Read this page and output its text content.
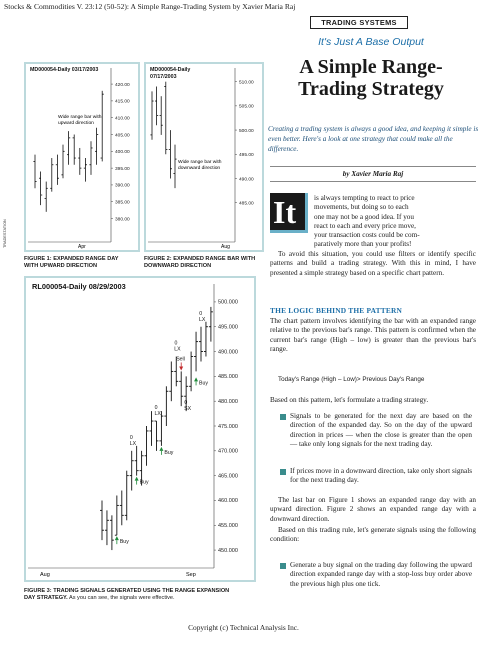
Stocks & Commodities V. 23:12 (50-52): A Simple Range-Trading System by Xavier Maria Raj
MD000054-Daily 03/17/2003
420.00
415.00
410.00
405.00
400.00
395.00
390.00
385.00
380.00
Wide range bar with
upward direction
Apr
FIGURE 1: EXPANDED RANGE DAY
WITH UPWARD DIRECTION
MD000054-Daily
07/17/2003
510.00
505.00
500.00
495.00
490.00
485.00
Wide range bar with
downward direction
Aug
FIGURE 2: EXPANDED RANGE BAR WITH
DOWNWARD DIRECTION
TRADESTATION
RL000054-Daily 08/29/2003
500.000
495.000
490.000
485.000
480.000
475.000
470.000
465.000
460.000
455.000
450.000
Buy
Buy
0
LX
Buy
0
LX
0
LX
Sell
0
SX
Buy
0
LX
Aug	Sep
FIGURE 3: TRADING SIGNALS GENERATED USING THE RANGE EXPANSION
DAY STRATEGY. As you can see, the signals were effective.
TRADING SYSTEMS
It's Just A Base Output
A Simple Range-
Trading Strategy
Creating a trading system is always a good idea, and keeping it simple is even better. Here's a look at one strategy that could make all the difference.
by Xavier Maria Raj
It is always tempting to react to price
movements, but doing so to each
one may not be a good idea. If you
react to each and every price move,
your transaction costs could be com-
paratively more than your profits!
To avoid this situation, you could use filters or identify specific patterns and build a trading strategy. With this in mind, I have presented a simple strategy based on a specific chart pattern.
THE LOGIC BEHIND THE PATTERN
The chart pattern involves identifying the bar with an expanded range relative to the previous bar's range. This pattern is confirmed when the current bar's range (High – low) is greater than the previous bar's range.
Today's Range (High – Low)> Previous Day's Range
Based on this pattern, let's formulate a trading strategy.
Signals to be generated for the next day are based on the direction of the expanded day. So on the day of the upward direction in prices — when the close is greater than the open — take only long signals for the next trading day.
If prices move in a downward direction, take only short signals for the next trading day.
The last bar on Figure 1 shows an expanded range day with an upward direction. Figure 2 shows an expanded range day with a downward direction.
Based on this trading rule, let's generate signals using the following condition:
Generate a buy signal on the trading day following the upward direction expanded range day with a stop-loss buy order above the previous high plus one tick.
Copyright (c) Technical Analysis Inc.
